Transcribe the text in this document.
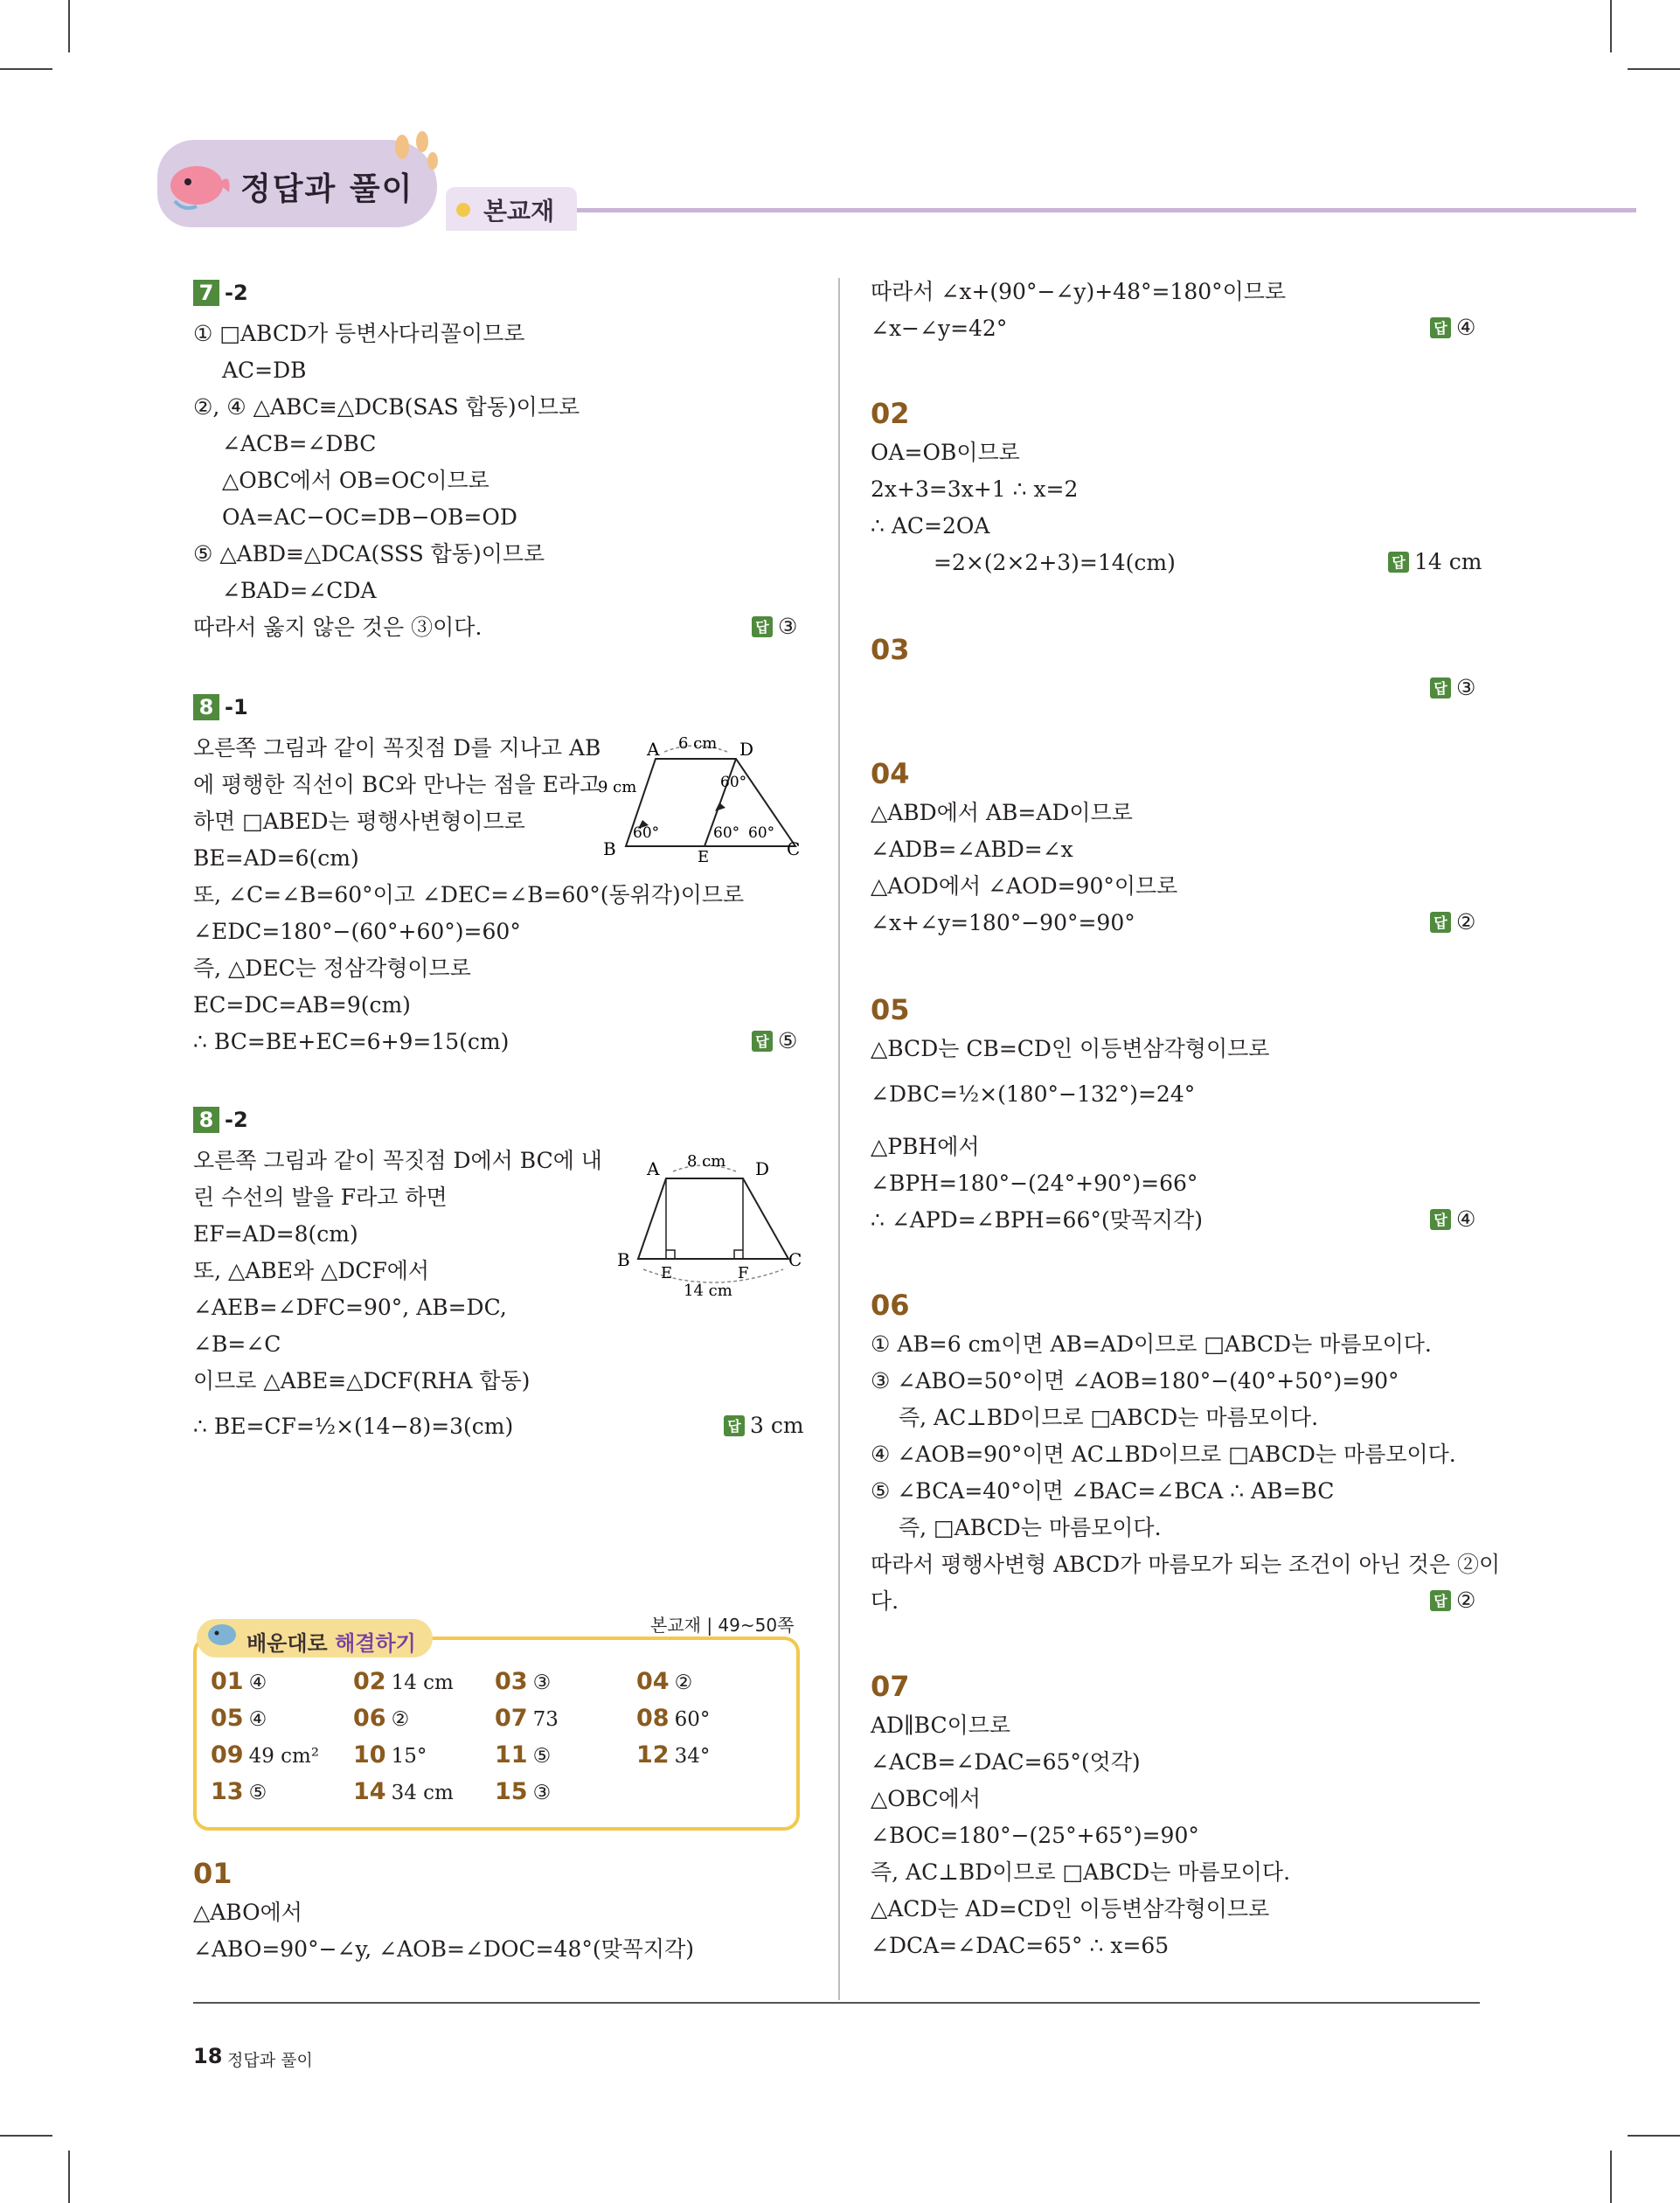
정답과 풀이
본교재
7 -2
① □ABCD가 등변사다리꼴이므로
AC=DB
②, ④ △ABC≡△DCB(SAS 합동)이므로
∠ACB=∠DBC
△OBC에서 OB=OC이므로
OA=AC−OC=DB−OB=OD
⑤ △ABD≡△DCA(SSS 합동)이므로
∠BAD=∠CDA
따라서 옳지 않은 것은 ③이다.	답 ③
8 -1
오른쪽 그림과 같이 꼭짓점 D를 지나고 AB
에 평행한 직선이 BC와 만나는 점을 E라고
하면 □ABED는 평행사변형이므로
BE=AD=6(cm)
또, ∠C=∠B=60°이고 ∠DEC=∠B=60°(동위각)이므로
∠EDC=180°−(60°+60°)=60°
즉, △DEC는 정삼각형이므로
EC=DC=AB=9(cm)
∴ BC=BE+EC=6+9=15(cm)	답 ⑤
A	D
B	C
E
6 cm
9 cm	60°
60°	60° 60°
8 -2
오른쪽 그림과 같이 꼭짓점 D에서 BC에 내
린 수선의 발을 F라고 하면
EF=AD=8(cm)
또, △ABE와 △DCF에서
∠AEB=∠DFC=90°, AB=DC,
∠B=∠C
이므로 △ABE≡△DCF(RHA 합동)
∴ BE=CF=½×(14−8)=3(cm)	답 3 cm
A	D
B	C
E	F
8 cm
14 cm
배운대로 해결하기
본교재 | 49~50쪽
01 ④	02 14 cm 03 ③	04 ②
05 ④	06 ②	07 73	08 60°
09 49 cm² 10 15°	11 ⑤	12 34°
13 ⑤	14 34 cm 15 ③
01
△ABO에서
∠ABO=90°−∠y, ∠AOB=∠DOC=48°(맞꼭지각)
따라서 ∠x+(90°−∠y)+48°=180°이므로
∠x−∠y=42°	답 ④
02
OA=OB이므로
2x+3=3x+1 ∴ x=2
∴ AC=2OA
=2×(2×2+3)=14(cm)	답 14 cm
03
답 ③
04
△ABD에서 AB=AD이므로
∠ADB=∠ABD=∠x
△AOD에서 ∠AOD=90°이므로
∠x+∠y=180°−90°=90°	답 ②
05
△BCD는 CB=CD인 이등변삼각형이므로
∠DBC=½×(180°−132°)=24°
△PBH에서
∠BPH=180°−(24°+90°)=66°
∴ ∠APD=∠BPH=66°(맞꼭지각)	답 ④
06
① AB=6 cm이면 AB=AD이므로 □ABCD는 마름모이다.
③ ∠ABO=50°이면 ∠AOB=180°−(40°+50°)=90°
즉, AC⊥BD이므로 □ABCD는 마름모이다.
④ ∠AOB=90°이면 AC⊥BD이므로 □ABCD는 마름모이다.
⑤ ∠BCA=40°이면 ∠BAC=∠BCA ∴ AB=BC
즉, □ABCD는 마름모이다.
따라서 평행사변형 ABCD가 마름모가 되는 조건이 아닌 것은 ②이
다.	답 ②
07
AD∥BC이므로
∠ACB=∠DAC=65°(엇각)
△OBC에서
∠BOC=180°−(25°+65°)=90°
즉, AC⊥BD이므로 □ABCD는 마름모이다.
△ACD는 AD=CD인 이등변삼각형이므로
∠DCA=∠DAC=65° ∴ x=65
18 정답과 풀이
